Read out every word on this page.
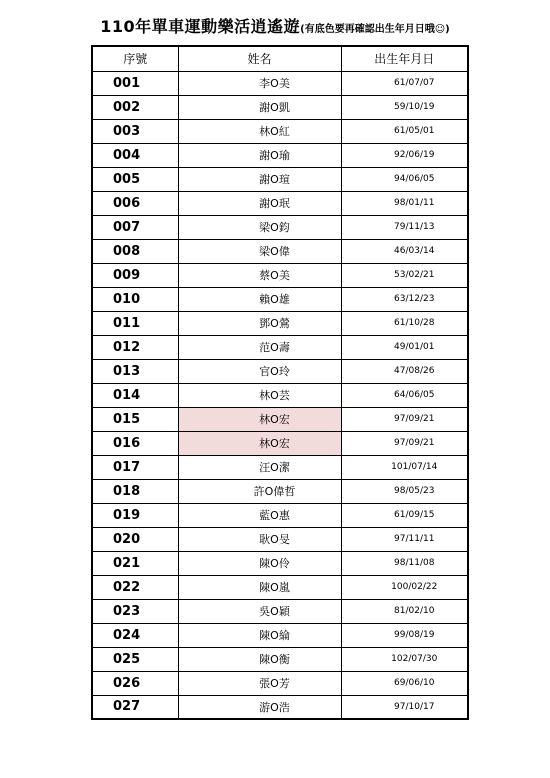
110年單車運動樂活逍遙遊(有底色要再確認出生年月日哦☺)
序號	姓名	出生年月日
001	李O美	61/07/07
002	謝O凱	59/10/19
003	林O紅	61/05/01
004	謝O瑜	92/06/19
005	謝O瑄	94/06/05
006	謝O珉	98/01/11
007	梁O鈞	79/11/13
008	梁O偉	46/03/14
009	蔡O美	53/02/21
010	賴O雄	63/12/23
011	鄧O鶯	61/10/28
012	范O壽	49/01/01
013	官O玲	47/08/26
014	林O芸	64/06/05
015	林O宏	97/09/21
016	林O宏	97/09/21
017	汪O潔	101/07/14
018	許O偉哲	98/05/23
019	藍O惠	61/09/15
020	耿O旻	97/11/11
021	陳O伶	98/11/08
022	陳O嵐	100/02/22
023	吳O穎	81/02/10
024	陳O綸	99/08/19
025	陳O衡	102/07/30
026	張O芳	69/06/10
027	游O浩	97/10/17
